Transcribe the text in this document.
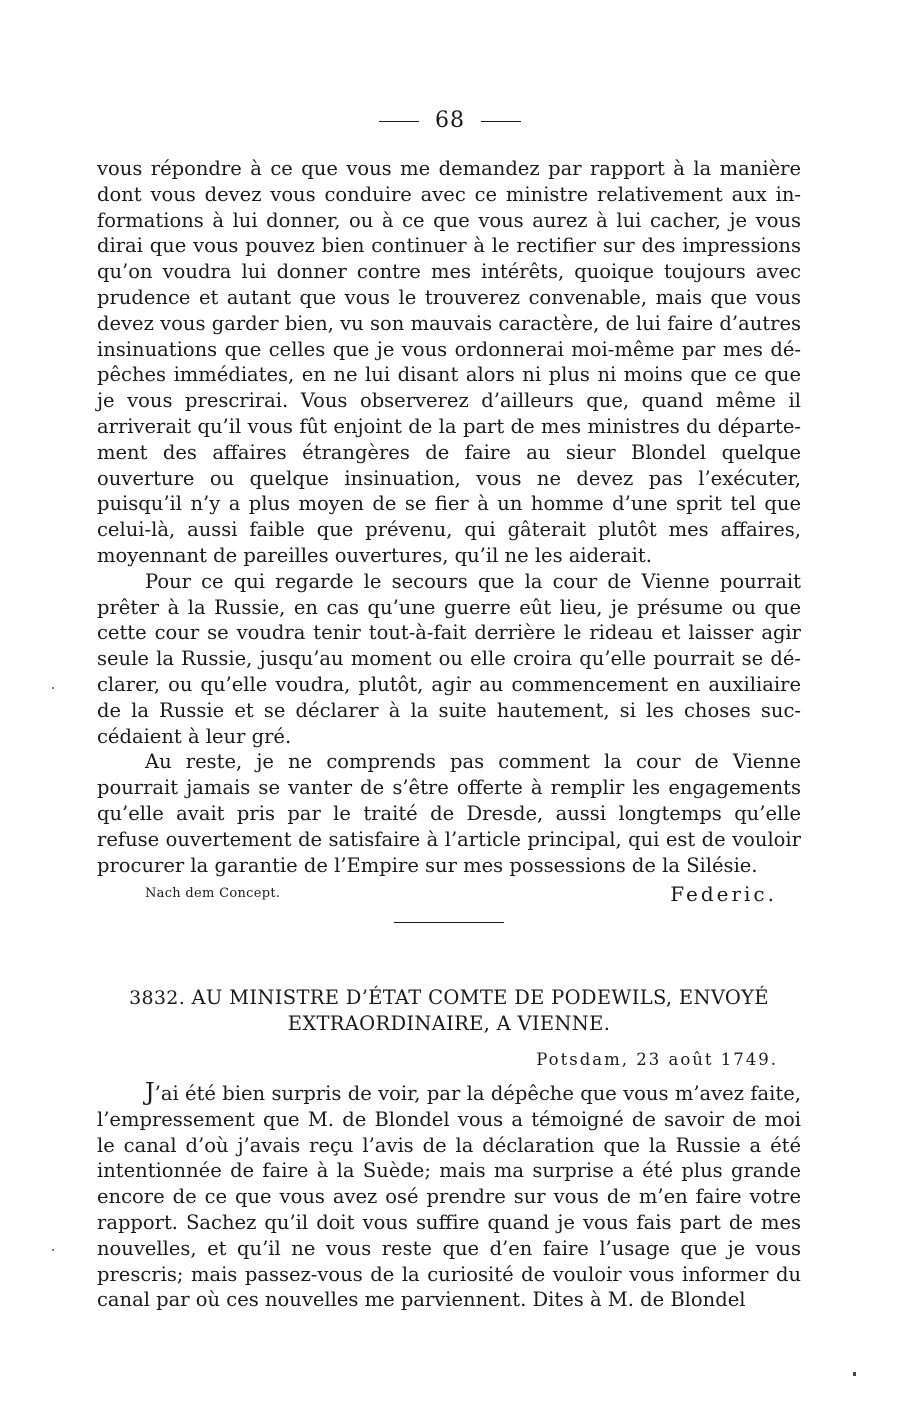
68

vous répondre à ce que vous me demandez par rapport à la manière dont vous devez vous conduire avec ce ministre relativement aux informations à lui donner, ou à ce que vous aurez à lui cacher, je vous dirai que vous pouvez bien continuer à le rectifier sur des impressions qu’on voudra lui donner contre mes intérêts, quoique toujours avec prudence et autant que vous le trouverez convenable, mais que vous devez vous garder bien, vu son mauvais caractère, de lui faire d’autres insinuations que celles que je vous ordonnerai moi-même par mes dépêches immédiates, en ne lui disant alors ni plus ni moins que ce que je vous prescrirai. Vous observerez d’ailleurs que, quand même il arriverait qu’il vous fût enjoint de la part de mes ministres du département des affaires étrangères de faire au sieur Blondel quelque ouverture ou quelque insinuation, vous ne devez pas l’exécuter, puisqu’il n’y a plus moyen de se fier à un homme d’une sprit tel que celui-là, aussi faible que prévenu, qui gâterait plutôt mes affaires, moyennant de pareilles ouvertures, qu’il ne les aiderait.

Pour ce qui regarde le secours que la cour de Vienne pourrait prêter à la Russie, en cas qu’une guerre eût lieu, je présume ou que cette cour se voudra tenir tout-à-fait derrière le rideau et laisser agir seule la Russie, jusqu’au moment ou elle croira qu’elle pourrait se déclarer, ou qu’elle voudra, plutôt, agir au commencement en auxiliaire de la Russie et se déclarer à la suite hautement, si les choses succédaient à leur gré.

Au reste, je ne comprends pas comment la cour de Vienne pourrait jamais se vanter de s’être offerte à remplir les engagements qu’elle avait pris par le traité de Dresde, aussi longtemps qu’elle refuse ouvertement de satisfaire à l’article principal, qui est de vouloir procurer la garantie de l’Empire sur mes possessions de la Silésie.

Nach dem Concept.	Federic.
3832. AU MINISTRE D’ÉTAT COMTE DE PODEWILS, ENVOYÉ
EXTRAORDINAIRE, A VIENNE.
Potsdam, 23 août 1749.

J’ai été bien surpris de voir, par la dépêche que vous m’avez faite, l’empressement que M. de Blondel vous a témoigné de savoir de moi le canal d’où j’avais reçu l’avis de la déclaration que la Russie a été intentionnée de faire à la Suède; mais ma surprise a été plus grande encore de ce que vous avez osé prendre sur vous de m’en faire votre rapport. Sachez qu’il doit vous suffire quand je vous fais part de mes nouvelles, et qu’il ne vous reste que d’en faire l’usage que je vous prescris; mais passez-vous de la curiosité de vouloir vous informer du canal par où ces nouvelles me parviennent. Dites à M. de Blondel
